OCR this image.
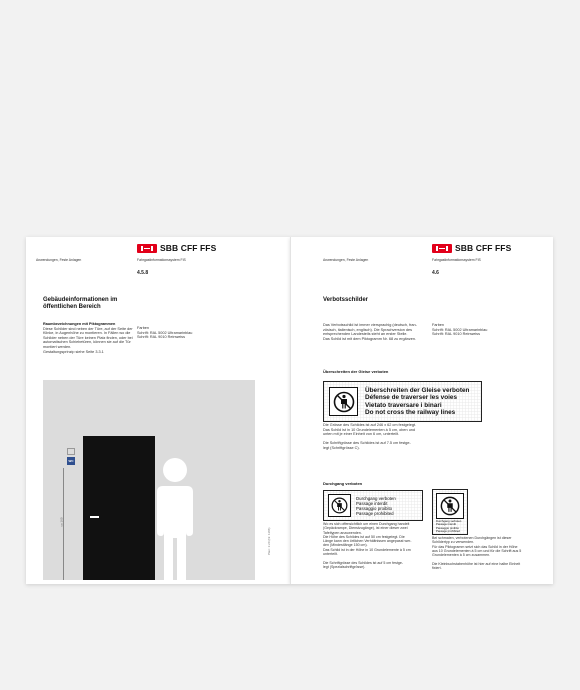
Anwendungen, Feste Anlagen
SBB CFF FFS
Fahrgastinformationssystem FIS
4.5.8
Gebäudeinformationen im
öffentlichen Bereich
Raumbezeichnungen mit Piktogrammen
Diese Schilder sind neben der Türe, auf der Seite der
Klinke, in Augenhöhe zu montieren. In Fällen wo die
Schilder neben der Türe keinen Platz finden, oder bei
automatischen Schiebetüren, können sie auf die Tür
montiert werden.
Gestaltungsprinzip siehe Seite 3.3.1
Farben
Schrift: RAL 5002 Ultramarinblau
Schrift: RAL 9010 Reinweiss
WC
ca 160
Plan: 1:20 (Nr. 1186)
Anwendungen, Feste Anlagen
SBB CFF FFS
Fahrgastinformationssystem FIS
4.6
Verbotsschilder
Das Verbotsschild ist immer viersprachig (deutsch, fran-
zösisch, italienisch, englisch). Die Sprachversion des
entsprechenden Landesteils steht an erster Stelle.
Das Schild ist mit dem Piktogramm Nr. 68 zu ergänzen.
Farben
Schrift: RAL 5002 Ultramarinblau
Schrift: RAL 9010 Reinweiss
Überschreiten der Gleise verboten
Überschreiten der Gleise verboten
Défense de traverser les voies
Vietato traversare i binari
Do not cross the railway lines
Die Grösse des Schildes ist auf 246 x 62 cm festgelegt.
Das Schild ist in 10 Grundelementen à 5 cm, oben und
unten mit je einer Einheit von 6 cm, unterteilt.
Die Schriftgrösse des Schildes ist auf 7.5 cm festge-
legt (Schriftgrösse C).
Durchgang verboten
Durchgang verboten
Passage interdit
Passaggio proibito
Passage prohibited
Durchgang verboten
Passage interdit
Passaggio proibito
Passage prohibited
Wo es sich offensichtlich um einen Durchgang handelt
(Gepäckrampe, Dienstzugänge), ist einer dieser zwei
Tafeltypen anzuwenden.
Die Höhe des Schildes ist auf 50 cm festgelegt. Die
Länge kann den örtlichen Verhältnissen angepasst wer-
den (Mindestlänge 150 cm).
Das Schild ist in der Höhe in 10 Grundelemente à 5 cm
unterteilt.
Die Schriftgrösse des Schildes ist auf 5 cm festge-
legt (Spezialschriftgrösse).
Bei schmalen, verbotenen Durchgängen ist dieser
Schildertyp zu verwenden.
Für das Piktogramm setzt sich das Schild in der Höhe
aus 10 Grundelementen à 5 cm und für die Schrift aus 5
Grundelementen à 5 cm zusammen.
Die Kleinbuchstabenhöhe ist hier auf eine halbe Einheit
fixiert.
